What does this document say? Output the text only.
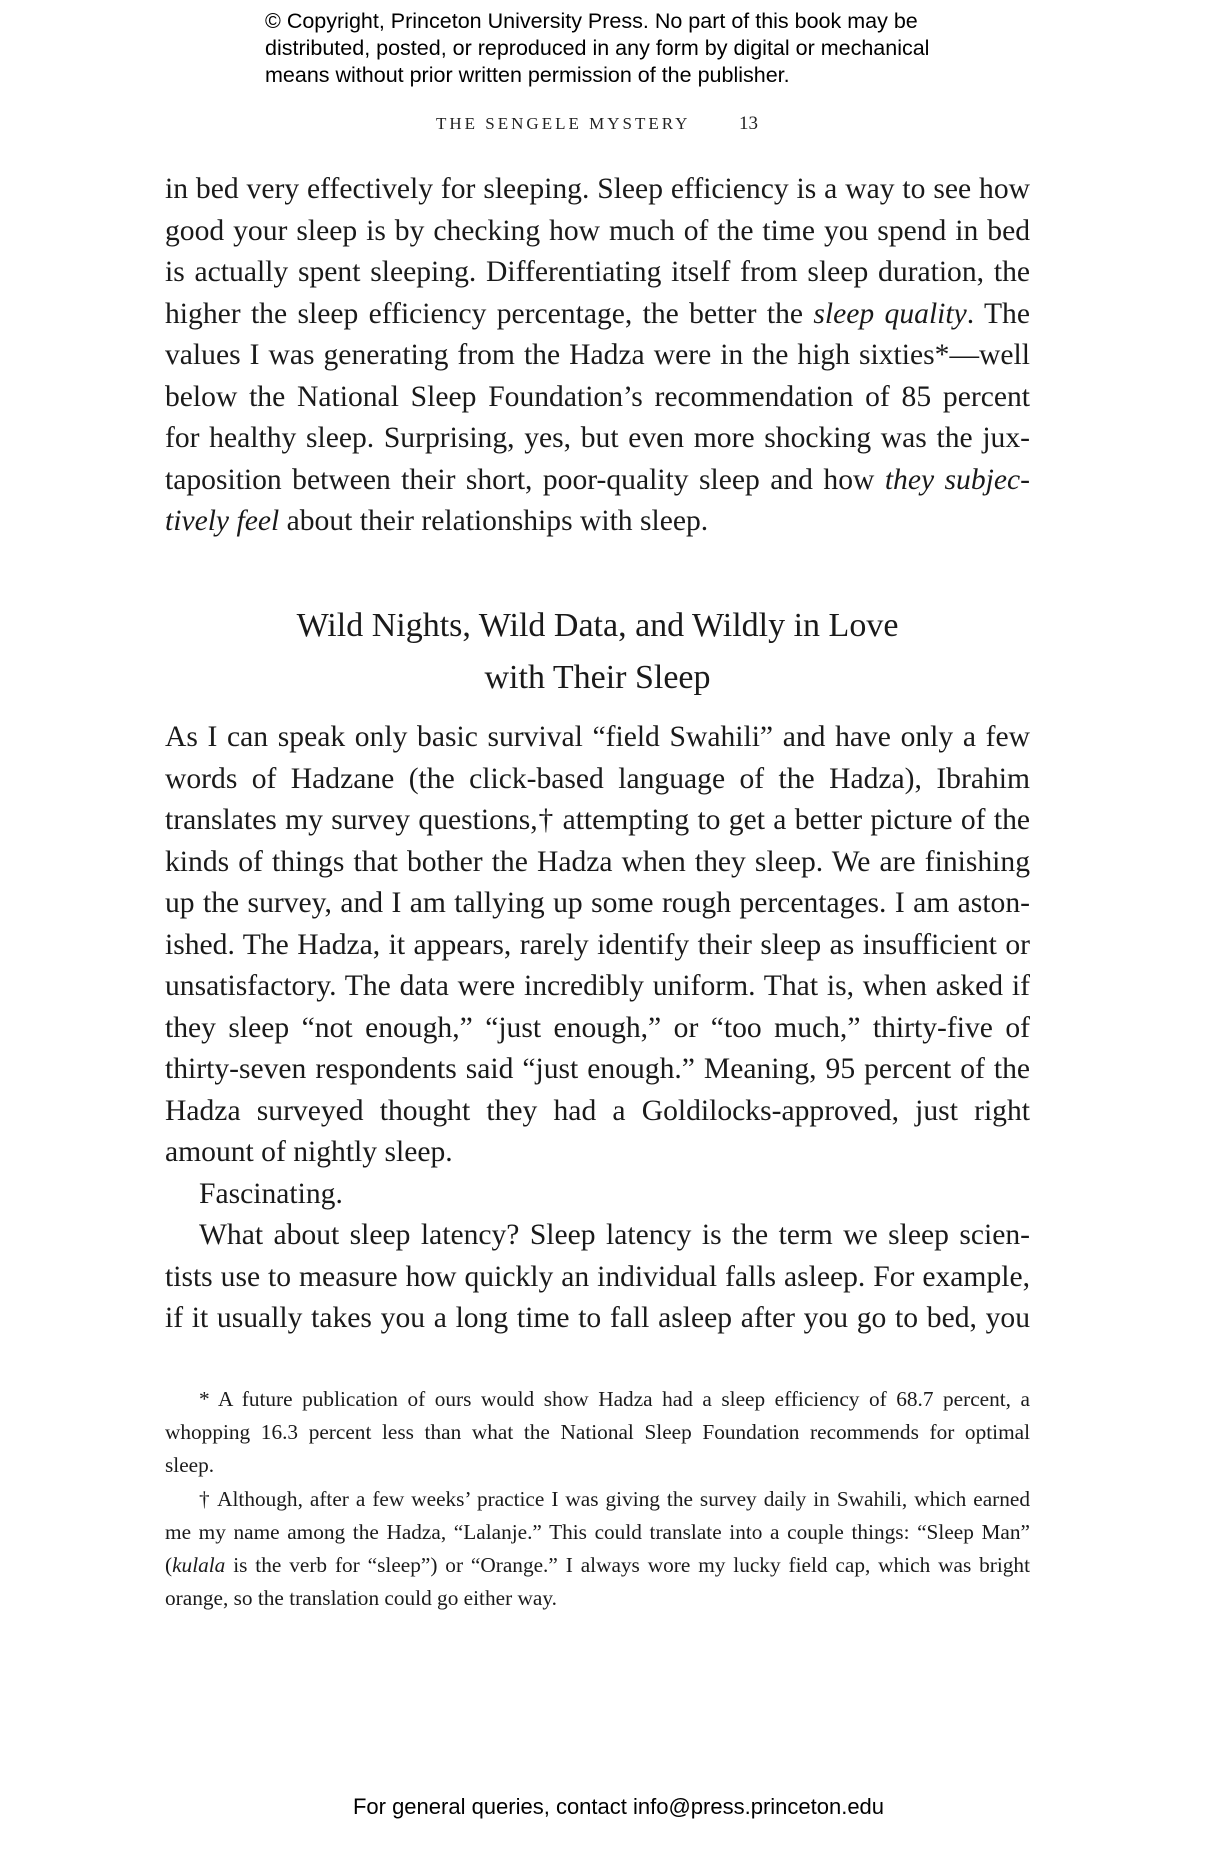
© Copyright, Princeton University Press. No part of this book may be
distributed, posted, or reproduced in any form by digital or mechanical
means without prior written permission of the publisher.
THE SENGELE MYSTERY	13
in bed very effectively for sleeping. Sleep efficiency is a way to see how
good your sleep is by checking how much of the time you spend in bed
is actually spent sleeping. Differentiating itself from sleep duration, the
higher the sleep efficiency percentage, the better the sleep quality. The
values I was generating from the Hadza were in the high sixties*—well
below the National Sleep Foundation’s recommendation of 85 percent
for healthy sleep. Surprising, yes, but even more shocking was the jux-
taposition between their short, poor-quality sleep and how they subjec-
tively feel about their relationships with sleep.
Wild Nights, Wild Data, and Wildly in Love
with Their Sleep
As I can speak only basic survival “field Swahili” and have only a few
words of Hadzane (the click-based language of the Hadza), Ibrahim
translates my survey questions,† attempting to get a better picture of the
kinds of things that bother the Hadza when they sleep. We are finishing
up the survey, and I am tallying up some rough percentages. I am aston-
ished. The Hadza, it appears, rarely identify their sleep as insufficient or
unsatisfactory. The data were incredibly uniform. That is, when asked if
they sleep “not enough,” “just enough,” or “too much,” thirty-five of
thirty-seven respondents said “just enough.” Meaning, 95 percent of the
Hadza surveyed thought they had a Goldilocks-approved, just right
amount of nightly sleep.
Fascinating.
What about sleep latency? Sleep latency is the term we sleep scien-
tists use to measure how quickly an individual falls asleep. For example,
if it usually takes you a long time to fall asleep after you go to bed, you
* A future publication of ours would show Hadza had a sleep efficiency of 68.7 percent, a
whopping 16.3 percent less than what the National Sleep Foundation recommends for optimal
sleep.
† Although, after a few weeks’ practice I was giving the survey daily in Swahili, which earned
me my name among the Hadza, “Lalanje.” This could translate into a couple things: “Sleep Man”
(kulala is the verb for “sleep”) or “Orange.” I always wore my lucky field cap, which was bright
orange, so the translation could go either way.
For general queries, contact info@press.princeton.edu
